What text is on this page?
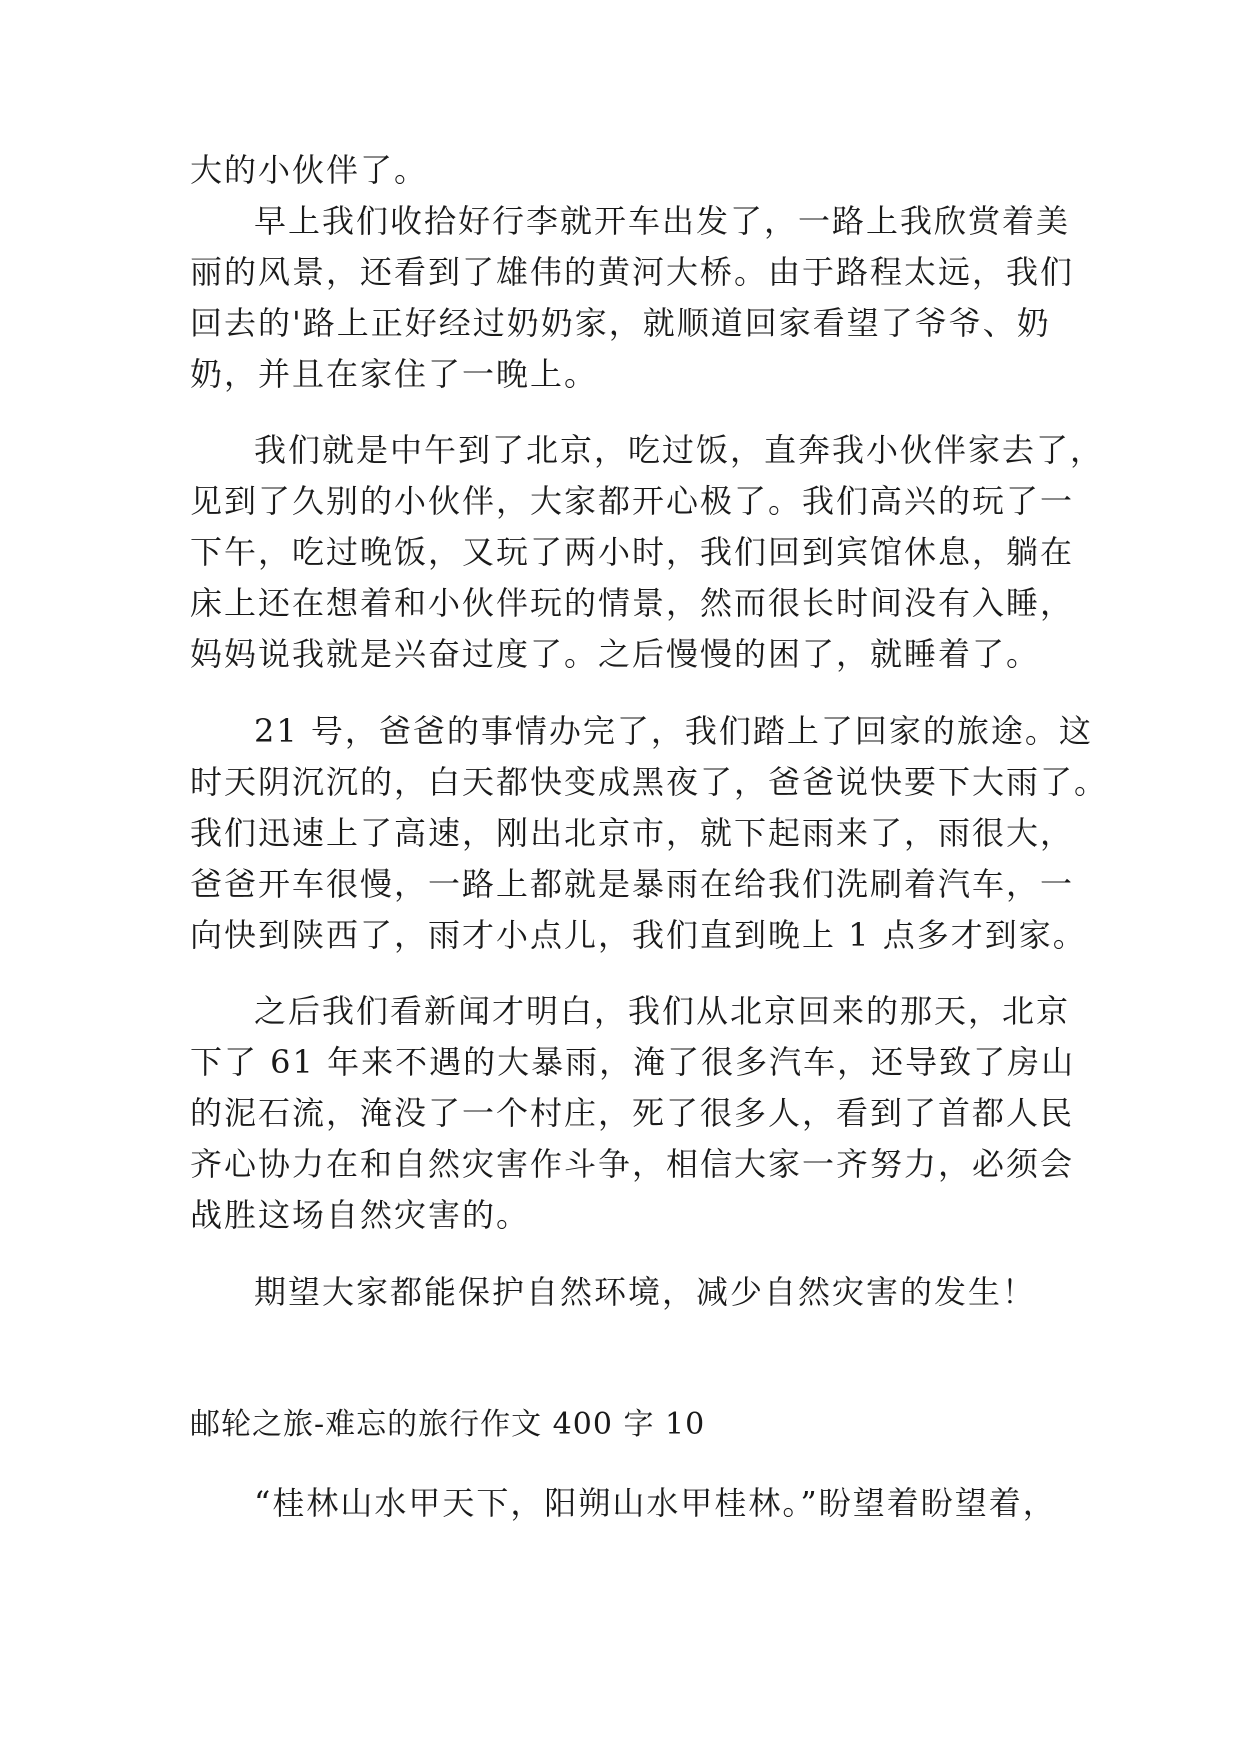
大的小伙伴了。
早上我们收拾好行李就开车出发了，一路上我欣赏着美
丽的风景，还看到了雄伟的黄河大桥。由于路程太远，我们
回去的'路上正好经过奶奶家，就顺道回家看望了爷爷、奶
奶，并且在家住了一晚上。
我们就是中午到了北京，吃过饭，直奔我小伙伴家去了，
见到了久别的小伙伴，大家都开心极了。我们高兴的玩了一
下午，吃过晚饭，又玩了两小时，我们回到宾馆休息，躺在
床上还在想着和小伙伴玩的情景，然而很长时间没有入睡，
妈妈说我就是兴奋过度了。之后慢慢的困了，就睡着了。
21 号，爸爸的事情办完了，我们踏上了回家的旅途。这
时天阴沉沉的，白天都快变成黑夜了，爸爸说快要下大雨了。
我们迅速上了高速，刚出北京市，就下起雨来了，雨很大，
爸爸开车很慢，一路上都就是暴雨在给我们洗刷着汽车，一
向快到陕西了，雨才小点儿，我们直到晚上 1 点多才到家。
之后我们看新闻才明白，我们从北京回来的那天，北京
下了 61 年来不遇的大暴雨，淹了很多汽车，还导致了房山
的泥石流，淹没了一个村庄，死了很多人，看到了首都人民
齐心协力在和自然灾害作斗争，相信大家一齐努力，必须会
战胜这场自然灾害的。
期望大家都能保护自然环境，减少自然灾害的发生！
邮轮之旅-难忘的旅行作文 400 字 10
“桂林山水甲天下，阳朔山水甲桂林。”盼望着盼望着，
